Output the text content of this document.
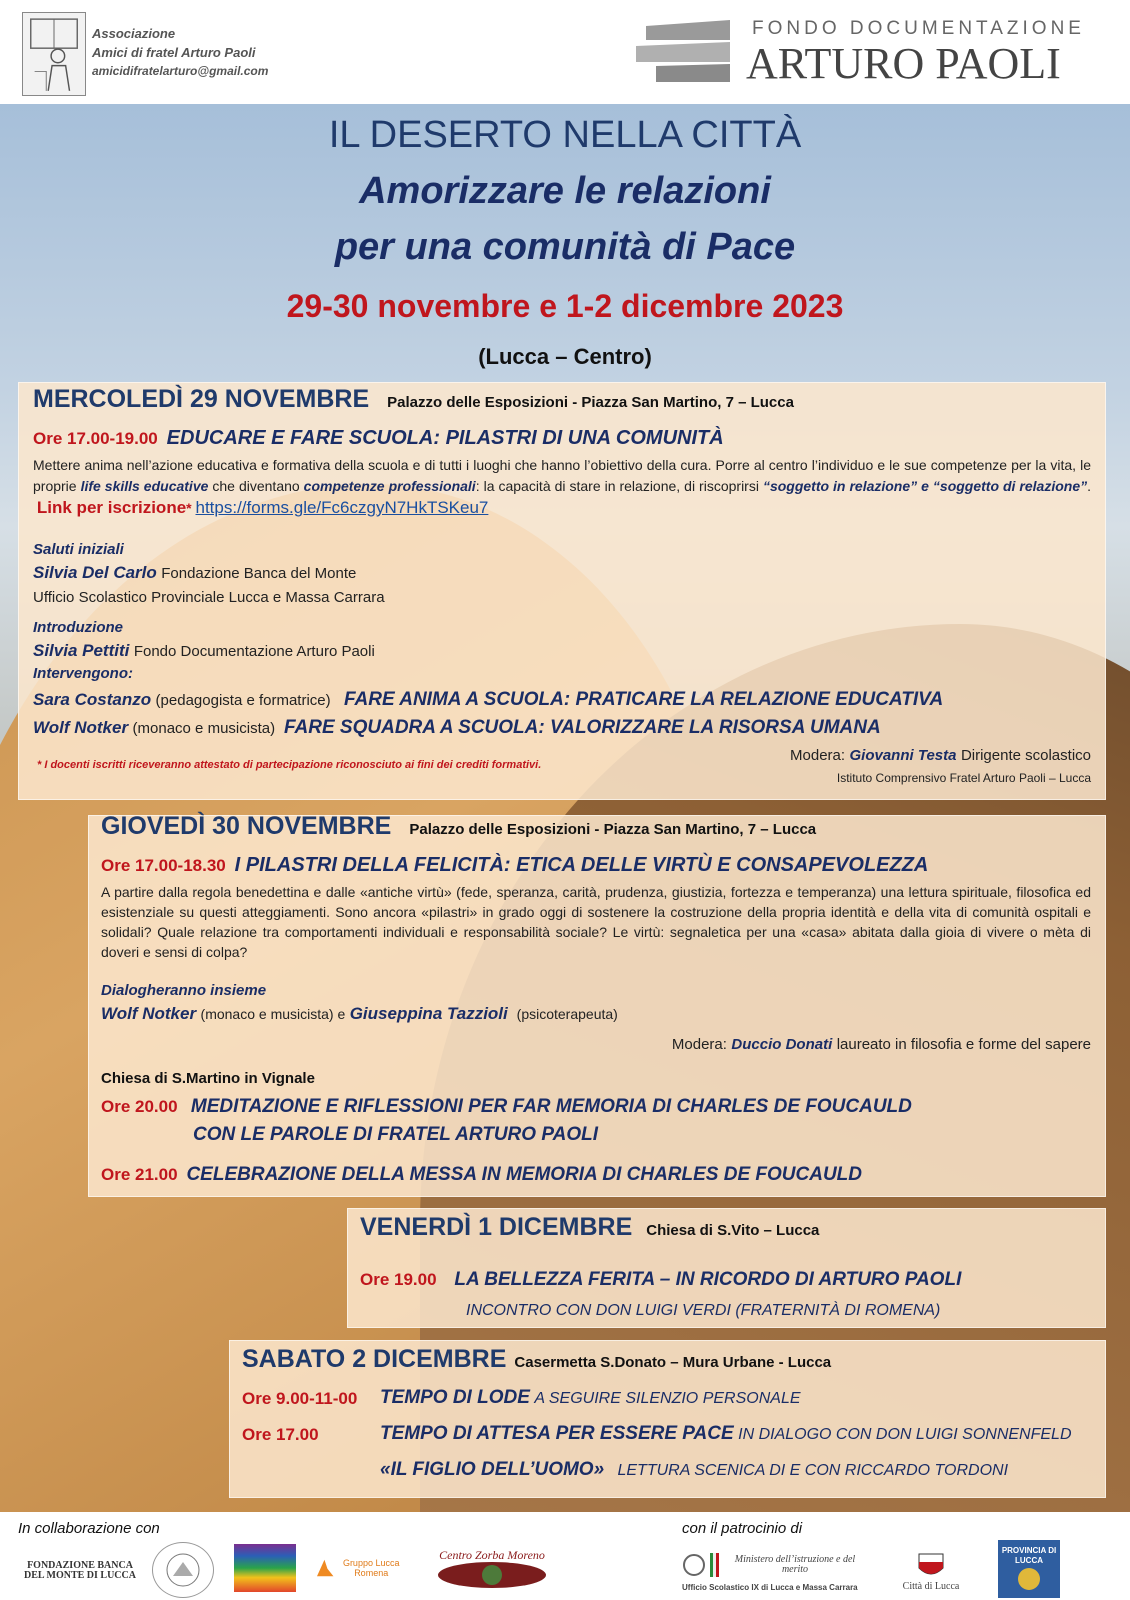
Associazione
Amici di fratel Arturo Paoli
amicidifratelarturo@gmail.com
FONDO DOCUMENTAZIONE
ARTURO PAOLI
IL DESERTO NELLA CITTÀ
Amorizzare le relazioni
per una comunità di Pace
29-30 novembre e 1-2 dicembre 2023
(Lucca – Centro)
MERCOLEDÌ 29 NOVEMBRE Palazzo delle Esposizioni - Piazza San Martino, 7 – Lucca
Ore 17.00-19.00 EDUCARE E FARE SCUOLA: PILASTRI DI UNA COMUNITÀ
Mettere anima nell’azione educativa e formativa della scuola e di tutti i luoghi che hanno l’obiettivo della cura. Porre al centro l’individuo e le sue competenze per la vita, le proprie life skills educative che diventano competenze professionali: la capacità di stare in relazione, di riscoprirsi “soggetto in relazione” e “soggetto di relazione”.  Link per iscrizione* https://forms.gle/Fc6czgyN7HkTSKeu7
Saluti iniziali
Silvia Del Carlo Fondazione Banca del Monte
Ufficio Scolastico Provinciale Lucca e Massa Carrara
Introduzione
Silvia Pettiti Fondo Documentazione Arturo Paoli
Intervengono:
Sara Costanzo (pedagogista e formatrice) FARE ANIMA A SCUOLA: PRATICARE LA RELAZIONE EDUCATIVA
Wolf Notker (monaco e musicista) FARE SQUADRA A SCUOLA: VALORIZZARE LA RISORSA UMANA
Modera: Giovanni Testa Dirigente scolastico
Istituto Comprensivo Fratel Arturo Paoli – Lucca
* I docenti iscritti riceveranno attestato di partecipazione riconosciuto ai fini dei crediti formativi.
GIOVEDÌ 30 NOVEMBRE Palazzo delle Esposizioni - Piazza San Martino, 7 – Lucca
Ore 17.00-18.30 I PILASTRI DELLA FELICITÀ: ETICA DELLE VIRTÙ E CONSAPEVOLEZZA
A partire dalla regola benedettina e dalle «antiche virtù» (fede, speranza, carità, prudenza, giustizia, fortezza e temperanza) una lettura spirituale, filosofica ed esistenziale su questi atteggiamenti. Sono ancora «pilastri» in grado oggi di sostenere la costruzione della propria identità e della vita di comunità ospitali e solidali? Quale relazione tra comportamenti individuali e responsabilità sociale? Le virtù: segnaletica per una «casa» abitata dalla gioia di vivere o mèta di doveri e sensi di colpa?
Dialogheranno insieme
Wolf Notker (monaco e musicista) e Giuseppina Tazzioli (psicoterapeuta)
Modera: Duccio Donati laureato in filosofia e forme del sapere
Chiesa di S.Martino in Vignale
Ore 20.00 MEDITAZIONE E RIFLESSIONI PER FAR MEMORIA DI CHARLES DE FOUCAULD
CON LE PAROLE DI FRATEL ARTURO PAOLI
Ore 21.00 CELEBRAZIONE DELLA MESSA IN MEMORIA DI CHARLES DE FOUCAULD
VENERDÌ 1 DICEMBRE Chiesa di S.Vito – Lucca
Ore 19.00 LA BELLEZZA FERITA – IN RICORDO DI ARTURO PAOLI
INCONTRO CON DON LUIGI VERDI (FRATERNITÀ DI ROMENA)
SABATO 2 DICEMBRE Casermetta S.Donato – Mura Urbane - Lucca
Ore 9.00-11-00 TEMPO DI LODE A SEGUIRE SILENZIO PERSONALE
Ore 17.00	TEMPO DI ATTESA PER ESSERE PACE IN DIALOGO CON DON LUIGI SONNENFELD
«IL FIGLIO DELL’UOMO» LETTURA SCENICA DI E CON RICCARDO TORDONI
In collaborazione con	con il patrocinio di
FONDAZIONE BANCA DEL MONTE DI LUCCA
Gruppo Lucca Romena
Centro Zorba Moreno	Ministero dell’istruzione e del merito
Ufficio Scolastico IX di Lucca e Massa Carrara	Città di Lucca
PROVINCIA DI LUCCA
